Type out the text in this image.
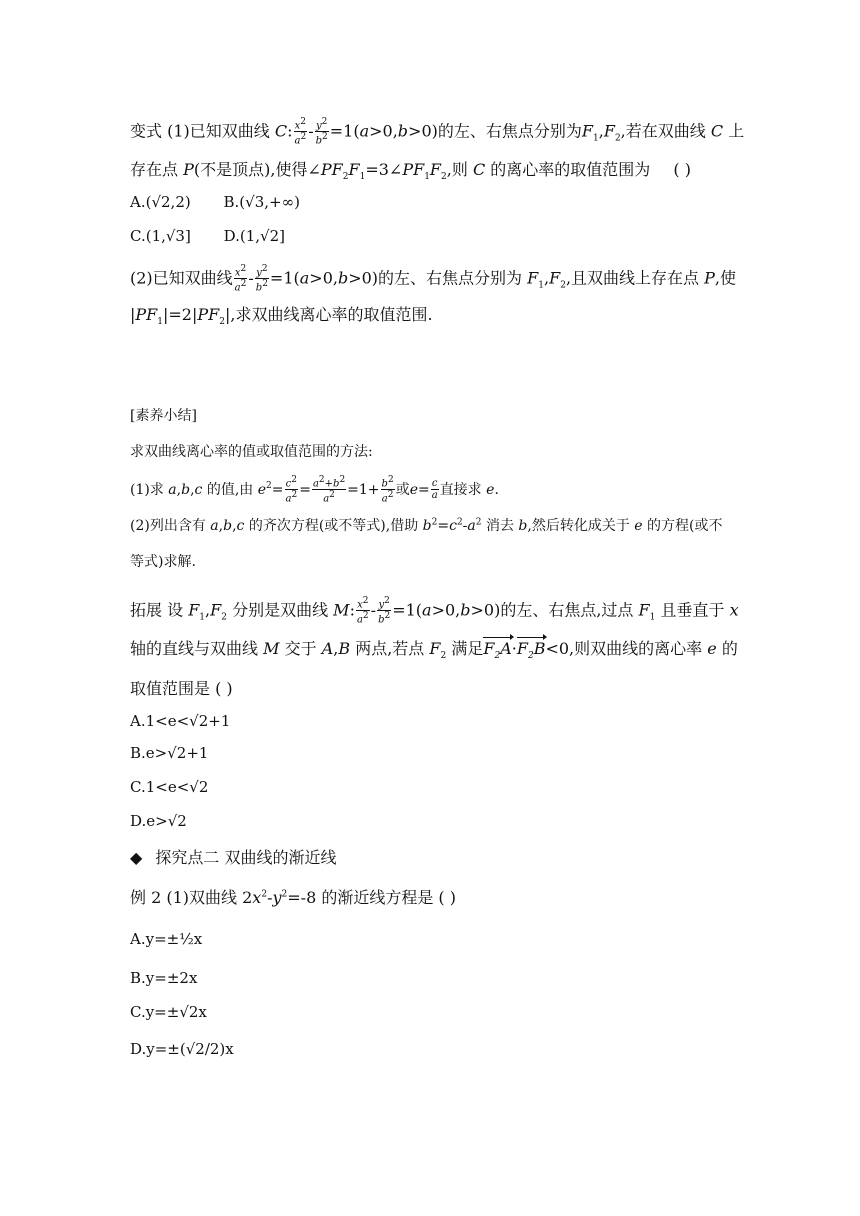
变式 (1)已知双曲线 C: $\frac{x^2}{a^2} - \frac{y^2}{b^2} =1(a>0,b>0)$的左、右焦点分别为$F_1,F_2$,若在双曲线 C 上
存在点 P(不是顶点),使得$\angle PF_2F_1=3\angle PF_1F_2$,则 C 的离心率的取值范围为 ( )
A.(√2,2) B.(√3,+∞)
C.(1,√3] D.(1,√2]
(2)已知双曲线 $\frac{x^2}{a^2} - \frac{y^2}{b^2} =1(a>0,b>0)$的左、右焦点分别为 $F_1,F_2$,且双曲线上存在点 P,使
$|PF_1|=2|PF_2|$,求双曲线离心率的取值范围.
[素养小结]
求双曲线离心率的值或取值范围的方法:
(1)求 a,b,c 的值,由 $e^2= \frac{c^2}{a^2} = \frac{a^2+b^2}{a^2} =1+ \frac{b^2}{a^2}$ 或$e= \frac{c}{a}$ 直接求 e.
(2)列出含有 a,b,c 的齐次方程(或不等式),借助 $b^2=c^2-a^2$ 消去 b,然后转化成关于 e 的方程(或不
等式)求解.
拓展 设 $F_1,F_2$ 分别是双曲线 M: $\frac{x^2}{a^2} - \frac{y^2}{b^2} =1(a>0,b>0)$的左、右焦点,过点 $F_1$ 且垂直于 x
轴的直线与双曲线 M 交于 A,B 两点,若点 $F_2$ 满足$F_2A\cdot F_2B<0$,则双曲线的离心率 e 的
取值范围是 ( )
A.1<e<√2+1
B.e>√2+1
C.1<e<√2
D.e>√2
◆ 探究点二 双曲线的渐近线
例 2 (1)双曲线 $2x^2-y^2=-8$ 的渐近线方程是 ( )
A.y=±½x
B.y=±2x
C.y=±√2x
D.y=±(√2/2)x
